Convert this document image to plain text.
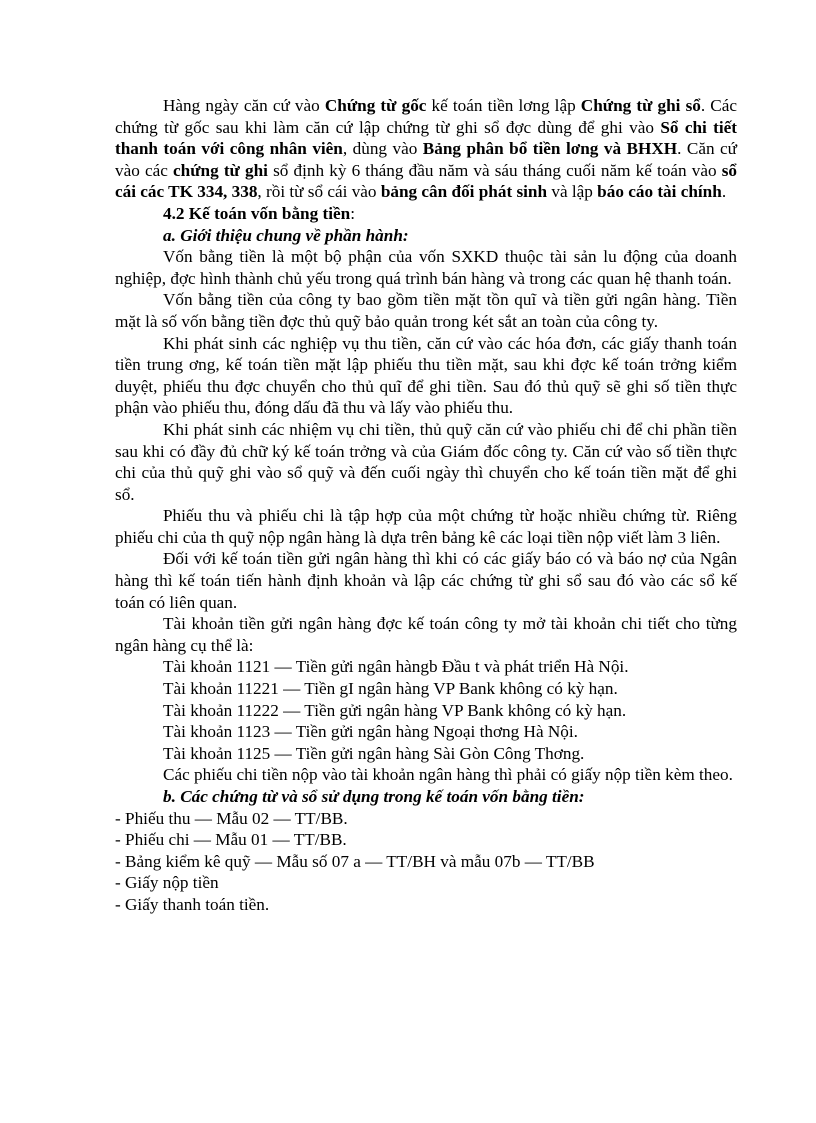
Hàng ngày căn cứ vào Chứng từ gốc kế toán tiền lơng lập Chứng từ ghi sổ. Các chứng từ gốc sau khi làm căn cứ lập chứng từ ghi sổ đợc dùng để ghi vào Sổ chi tiết thanh toán với công nhân viên, dùng vào Bảng phân bổ tiền lơng và BHXH. Căn cứ vào các chứng từ ghi sổ định kỳ 6 tháng đầu năm và sáu tháng cuối năm kế toán vào sổ cái các TK 334, 338, rồi từ sổ cái vào bảng cân đối phát sinh và lập báo cáo tài chính.

4.2 Kế toán vốn bằng tiền:

a. Giới thiệu chung về phần hành:

Vốn bằng tiền là một bộ phận của vốn SXKD thuộc tài sản lu động của doanh nghiệp, đợc hình thành chủ yếu trong quá trình bán hàng và trong các quan hệ thanh toán.

Vốn bằng tiền của công ty bao gồm tiền mặt tồn quĩ và tiền gửi ngân hàng. Tiền mặt là số vốn bằng tiền đợc thủ quỹ bảo quản trong két sắt an toàn của công ty.

Khi phát sinh các nghiệp vụ thu tiền, căn cứ vào các hóa đơn, các giấy thanh toán tiền trung ơng, kế toán tiền mặt lập phiếu thu tiền mặt, sau khi đợc kế toán trởng kiểm duyệt, phiếu thu đợc chuyển cho thủ quĩ để ghi tiền. Sau đó thủ quỹ sẽ ghi số tiền thực phận vào phiếu thu, đóng dấu đã thu và lấy vào phiếu thu.

Khi phát sinh các nhiệm vụ chi tiền, thủ quỹ căn cứ vào phiếu chi để chi phần tiền sau khi có đầy đủ chữ ký kế toán trởng và của Giám đốc công ty. Căn cứ vào số tiền thực chi của thủ quỹ ghi vào sổ quỹ và đến cuối ngày thì chuyển cho kế toán tiền mặt để ghi sổ.

Phiếu thu và phiếu chi là tập hợp của một chứng từ hoặc nhiều chứng từ. Riêng phiếu chi của th quỹ nộp ngân hàng là dựa trên bảng kê các loại tiền nộp viết làm 3 liên.

Đối với kế toán tiền gửi ngân hàng thì khi có các giấy báo có và báo nợ của Ngân hàng thì kế toán tiến hành định khoản và lập các chứng từ ghi sổ sau đó vào các sổ kế toán có liên quan.

Tài khoản tiền gửi ngân hàng đợc kế toán công ty mở tài khoản chi tiết cho từng ngân hàng cụ thể là:

Tài khoản 1121 — Tiền gửi ngân hàngb Đầu t và phát triển Hà Nội.

Tài khoản 11221 — Tiền gI ngân hàng VP Bank không có kỳ hạn.

Tài khoản 11222 — Tiền gửi ngân hàng VP Bank không có kỳ hạn.

Tài khoản 1123 — Tiền gửi ngân hàng Ngoại thơng Hà Nội.

Tài khoản 1125 — Tiền gửi ngân hàng Sài Gòn Công Thơng.

Các phiếu chi tiền nộp vào tài khoản ngân hàng thì phải có giấy nộp tiền kèm theo.

b. Các chứng từ và sổ sử dụng trong kế toán vốn bằng tiền:

- Phiếu thu — Mẫu 02 — TT/BB.

- Phiếu chi — Mẫu 01 — TT/BB.

- Bảng kiểm kê quỹ — Mẫu số 07 a — TT/BH và mẫu 07b — TT/BB

- Giấy nộp tiền

- Giấy thanh toán tiền.
